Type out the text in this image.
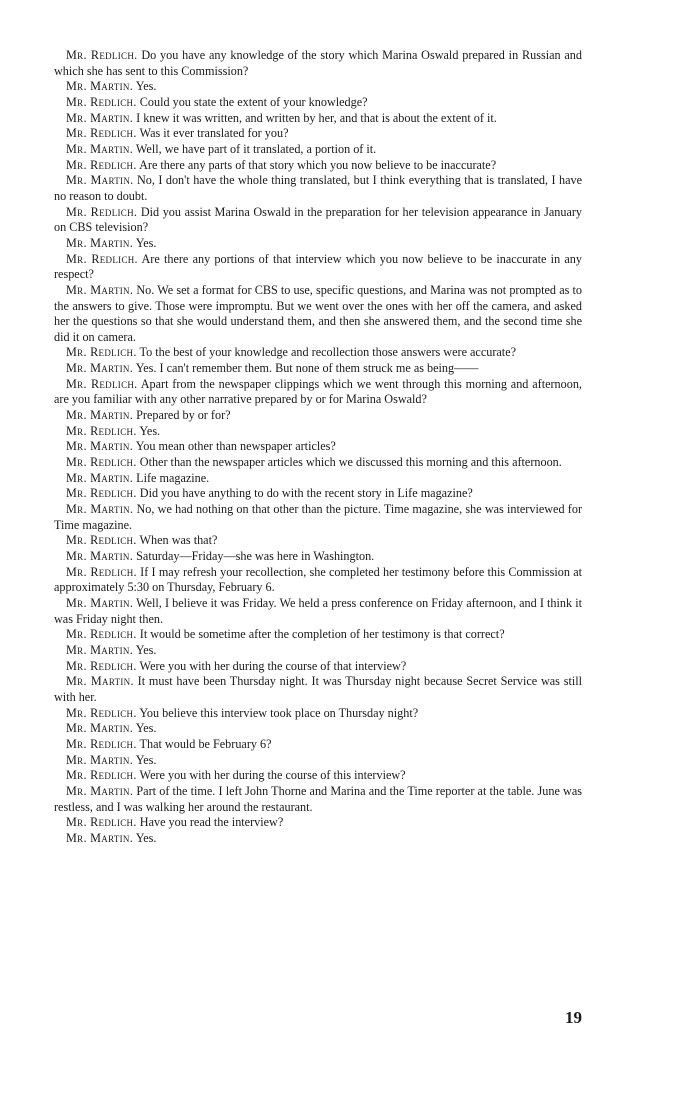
Mr. Redlich. Do you have any knowledge of the story which Marina Oswald prepared in Russian and which she has sent to this Commission?

Mr. Martin. Yes.

Mr. Redlich. Could you state the extent of your knowledge?

Mr. Martin. I knew it was written, and written by her, and that is about the extent of it.

Mr. Redlich. Was it ever translated for you?

Mr. Martin. Well, we have part of it translated, a portion of it.

Mr. Redlich. Are there any parts of that story which you now believe to be inaccurate?

Mr. Martin. No, I don't have the whole thing translated, but I think everything that is translated, I have no reason to doubt.

Mr. Redlich. Did you assist Marina Oswald in the preparation for her television appearance in January on CBS television?

Mr. Martin. Yes.

Mr. Redlich. Are there any portions of that interview which you now believe to be inaccurate in any respect?

Mr. Martin. No. We set a format for CBS to use, specific questions, and Marina was not prompted as to the answers to give. Those were impromptu. But we went over the ones with her off the camera, and asked her the questions so that she would understand them, and then she answered them, and the second time she did it on camera.

Mr. Redlich. To the best of your knowledge and recollection those answers were accurate?

Mr. Martin. Yes. I can't remember them. But none of them struck me as being——

Mr. Redlich. Apart from the newspaper clippings which we went through this morning and afternoon, are you familiar with any other narrative prepared by or for Marina Oswald?

Mr. Martin. Prepared by or for?

Mr. Redlich. Yes.

Mr. Martin. You mean other than newspaper articles?

Mr. Redlich. Other than the newspaper articles which we discussed this morning and this afternoon.

Mr. Martin. Life magazine.

Mr. Redlich. Did you have anything to do with the recent story in Life magazine?

Mr. Martin. No, we had nothing on that other than the picture. Time magazine, she was interviewed for Time magazine.

Mr. Redlich. When was that?

Mr. Martin. Saturday—Friday—she was here in Washington.

Mr. Redlich. If I may refresh your recollection, she completed her testimony before this Commission at approximately 5:30 on Thursday, February 6.

Mr. Martin. Well, I believe it was Friday. We held a press conference on Friday afternoon, and I think it was Friday night then.

Mr. Redlich. It would be sometime after the completion of her testimony is that correct?

Mr. Martin. Yes.

Mr. Redlich. Were you with her during the course of that interview?

Mr. Martin. It must have been Thursday night. It was Thursday night because Secret Service was still with her.

Mr. Redlich. You believe this interview took place on Thursday night?

Mr. Martin. Yes.

Mr. Redlich. That would be February 6?

Mr. Martin. Yes.

Mr. Redlich. Were you with her during the course of this interview?

Mr. Martin. Part of the time. I left John Thorne and Marina and the Time reporter at the table. June was restless, and I was walking her around the restaurant.

Mr. Redlich. Have you read the interview?

Mr. Martin. Yes.

19
